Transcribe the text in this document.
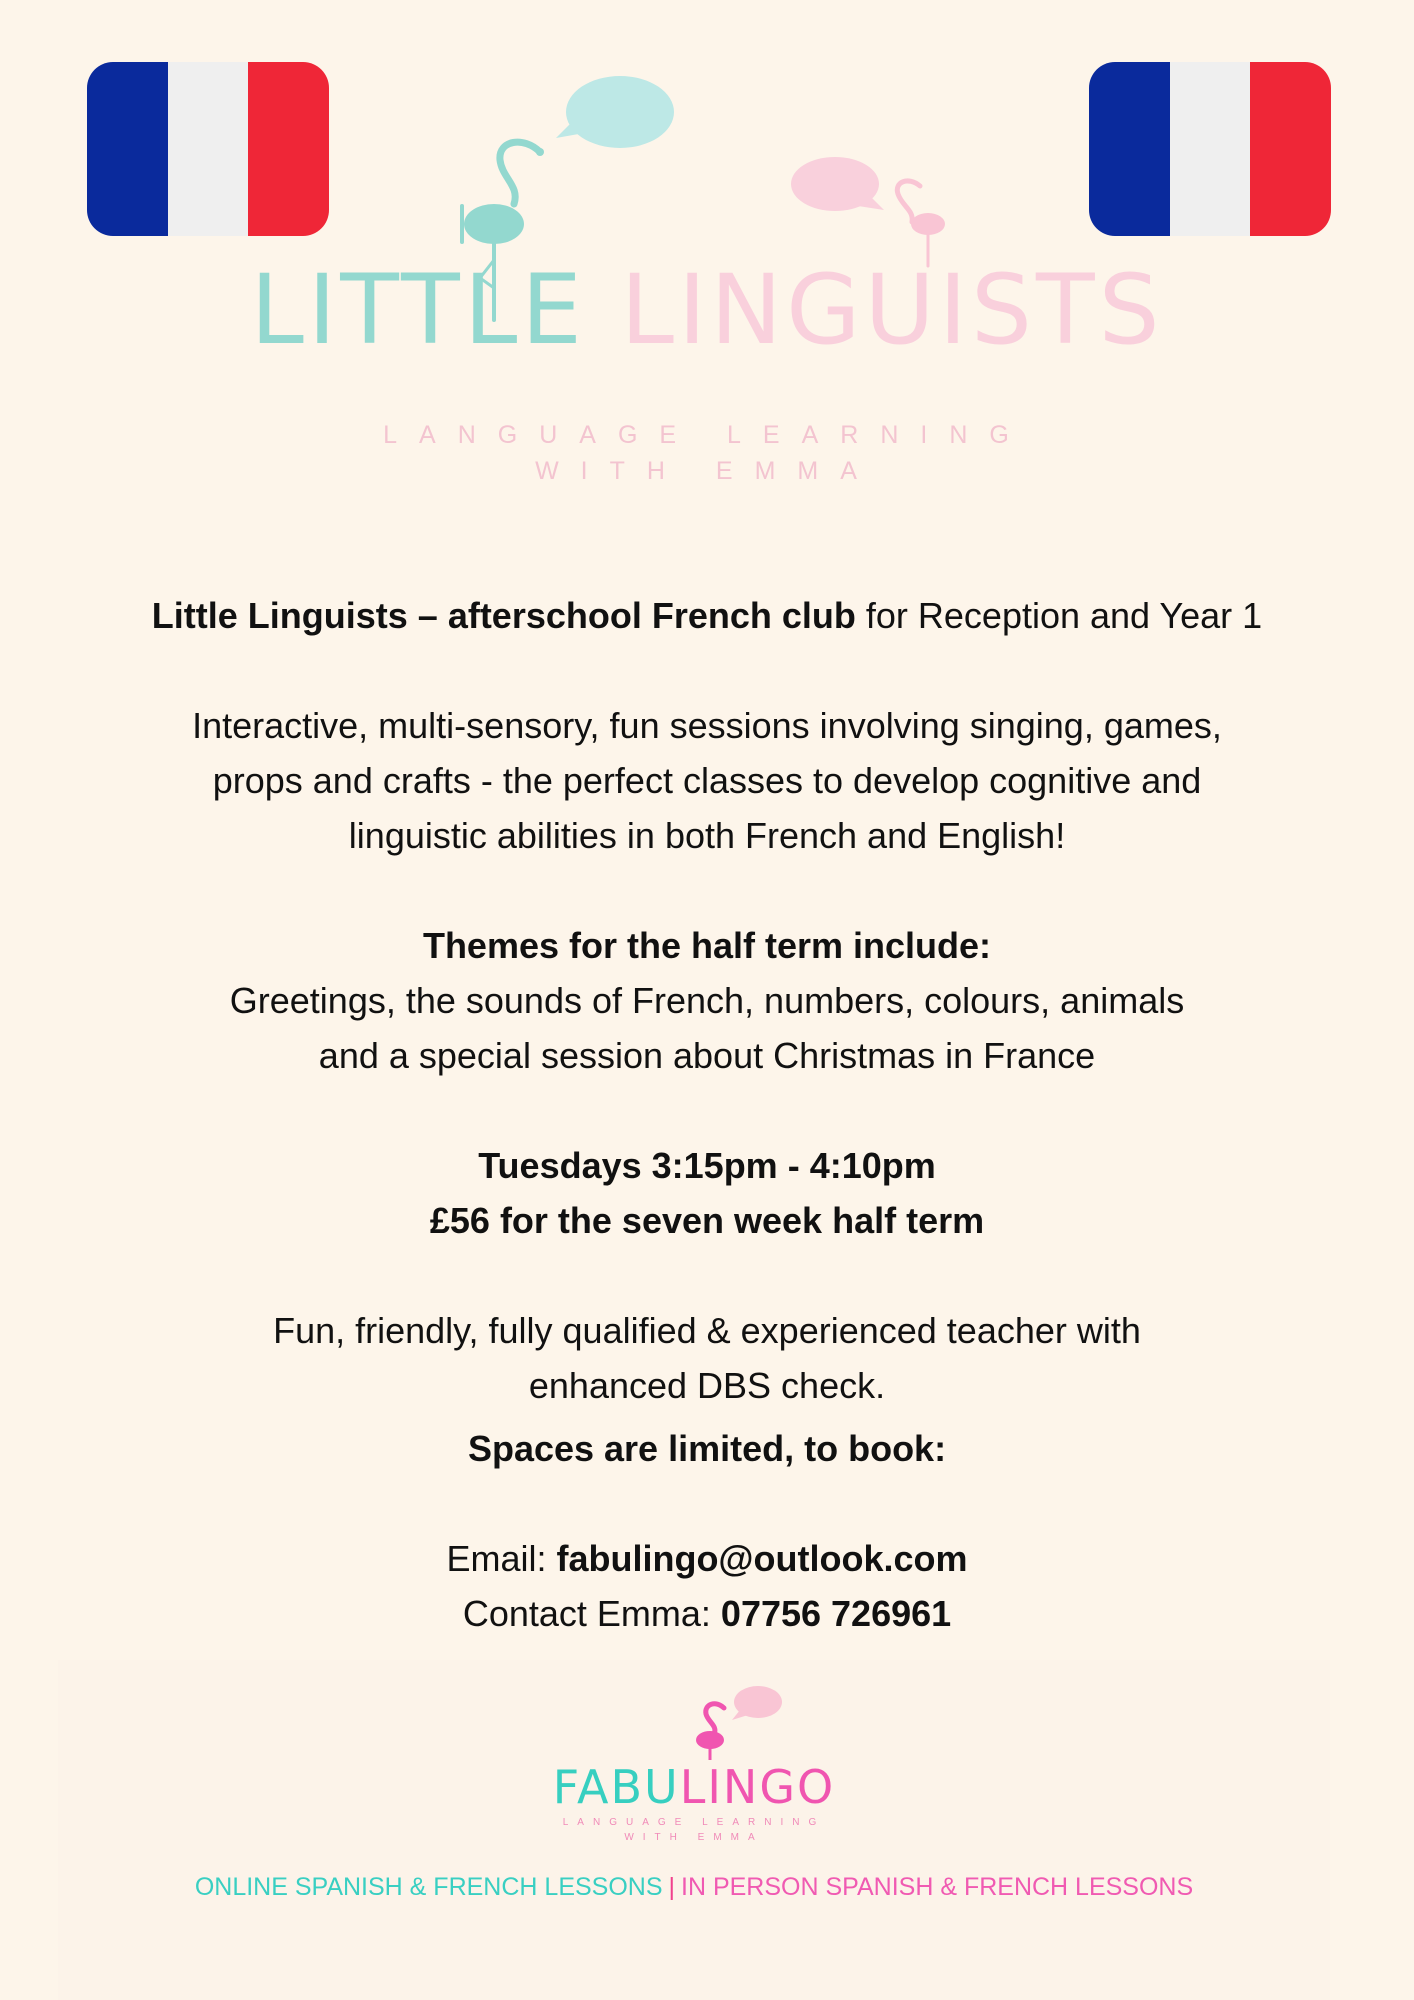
LITTLE LINGUISTS
LANGUAGE LEARNING
WITH EMMA

Little Linguists – afterschool French club for Reception and Year 1

Interactive, multi-sensory, fun sessions involving singing, games,

props and crafts - the perfect classes to develop cognitive and

linguistic abilities in both French and English!

Themes for the half term include:

Greetings, the sounds of French, numbers, colours, animals

and a special session about Christmas in France

Tuesdays 3:15pm - 4:10pm

£56 for the seven week half term

Fun, friendly, fully qualified & experienced teacher with

enhanced DBS check.

Spaces are limited, to book:

Email: fabulingo@outlook.com

Contact Emma: 07756 726961

FABULINGO
LANGUAGE LEARNING
WITH EMMA
ONLINE SPANISH & FRENCH LESSONS | IN PERSON SPANISH & FRENCH LESSONS
